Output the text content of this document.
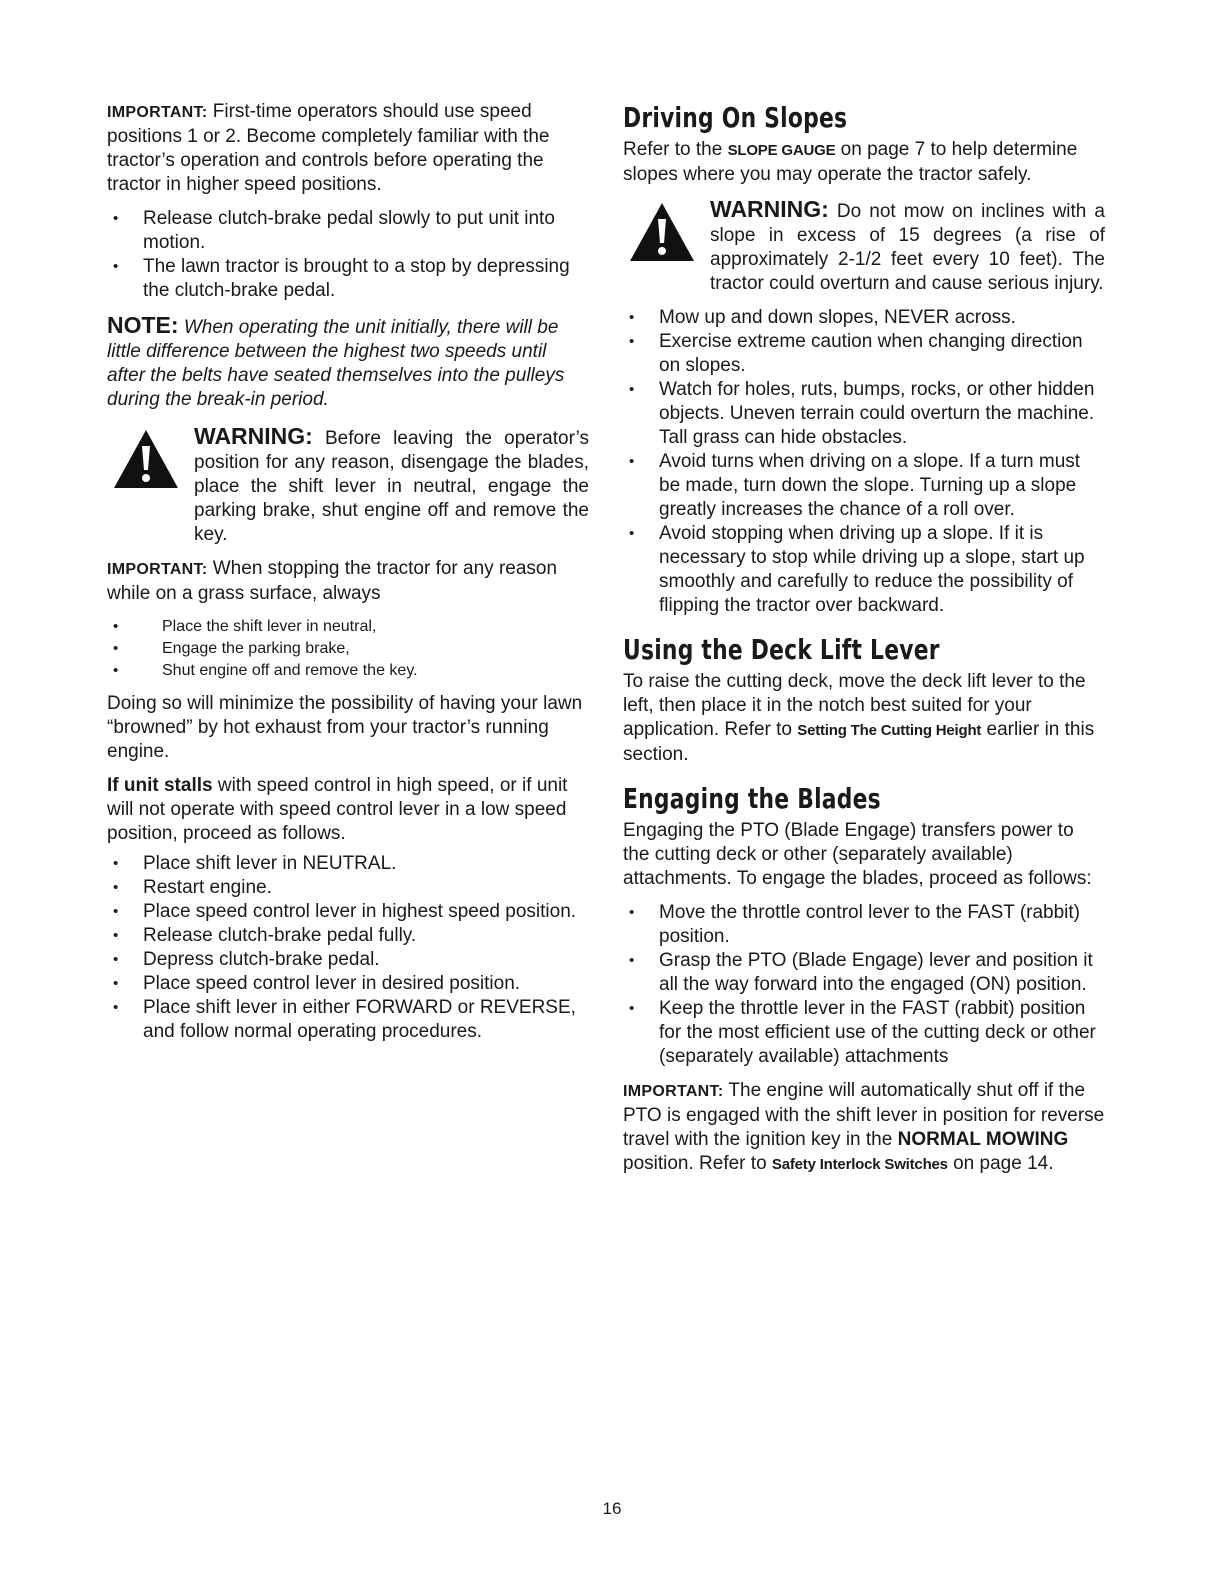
IMPORTANT: First-time operators should use speed positions 1 or 2. Become completely familiar with the tractor’s operation and controls before operating the tractor in higher speed positions.

• Release clutch-brake pedal slowly to put unit into motion.
• The lawn tractor is brought to a stop by depressing the clutch-brake pedal.

NOTE: When operating the unit initially, there will be little difference between the highest two speeds until after the belts have seated themselves into the pulleys during the break-in period.

WARNING: Before leaving the operator’s position for any reason, disengage the blades, place the shift lever in neutral, engage the parking brake, shut engine off and remove the key.

IMPORTANT: When stopping the tractor for any reason while on a grass surface, always

• Place the shift lever in neutral,
• Engage the parking brake,
• Shut engine off and remove the key.

Doing so will minimize the possibility of having your lawn “browned” by hot exhaust from your tractor’s running engine.

If unit stalls with speed control in high speed, or if unit will not operate with speed control lever in a low speed position, proceed as follows.

• Place shift lever in NEUTRAL.
• Restart engine.
• Place speed control lever in highest speed position.
• Release clutch-brake pedal fully.
• Depress clutch-brake pedal.
• Place speed control lever in desired position.
• Place shift lever in either FORWARD or REVERSE, and follow normal operating procedures.
Driving On Slopes

Refer to the SLOPE GAUGE on page 7 to help determine slopes where you may operate the tractor safely.

WARNING: Do not mow on inclines with a slope in excess of 15 degrees (a rise of approximately 2-1/2 feet every 10 feet). The tractor could overturn and cause serious injury.
• Mow up and down slopes, NEVER across.
• Exercise extreme caution when changing direction on slopes.
• Watch for holes, ruts, bumps, rocks, or other hidden objects. Uneven terrain could overturn the machine. Tall grass can hide obstacles.
• Avoid turns when driving on a slope. If a turn must be made, turn down the slope. Turning up a slope greatly increases the chance of a roll over.
• Avoid stopping when driving up a slope. If it is necessary to stop while driving up a slope, start up smoothly and carefully to reduce the possibility of flipping the tractor over backward.
Using the Deck Lift Lever

To raise the cutting deck, move the deck lift lever to the left, then place it in the notch best suited for your application. Refer to Setting The Cutting Height earlier in this section.

Engaging the Blades

Engaging the PTO (Blade Engage) transfers power to the cutting deck or other (separately available) attachments. To engage the blades, proceed as follows:

• Move the throttle control lever to the FAST (rabbit) position.
• Grasp the PTO (Blade Engage) lever and position it all the way forward into the engaged (ON) position.
• Keep the throttle lever in the FAST (rabbit) position for the most efficient use of the cutting deck or other (separately available) attachments

IMPORTANT: The engine will automatically shut off if the PTO is engaged with the shift lever in position for reverse travel with the ignition key in the NORMAL MOWING position. Refer to Safety Interlock Switches on page 14.

16
